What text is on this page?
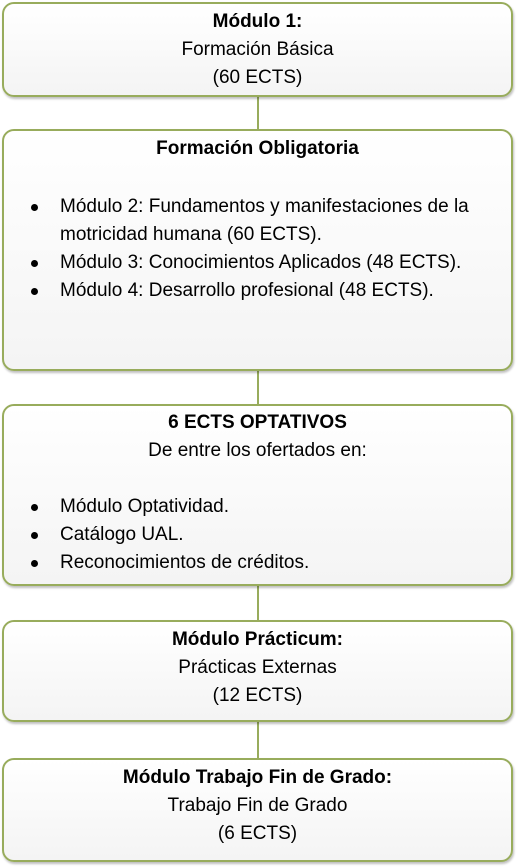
Módulo 1:
Formación Básica
(60 ECTS)
Formación Obligatoria
Módulo 2: Fundamentos y manifestaciones de la motricidad humana (60 ECTS).
Módulo 3: Conocimientos Aplicados (48 ECTS).
Módulo 4: Desarrollo profesional (48 ECTS).
6 ECTS OPTATIVOS
De entre los ofertados en:
Módulo Optatividad.
Catálogo UAL.
Reconocimientos de créditos.
Módulo Prácticum:
Prácticas Externas
(12 ECTS)
Módulo Trabajo Fin de Grado:
Trabajo Fin de Grado
(6 ECTS)
